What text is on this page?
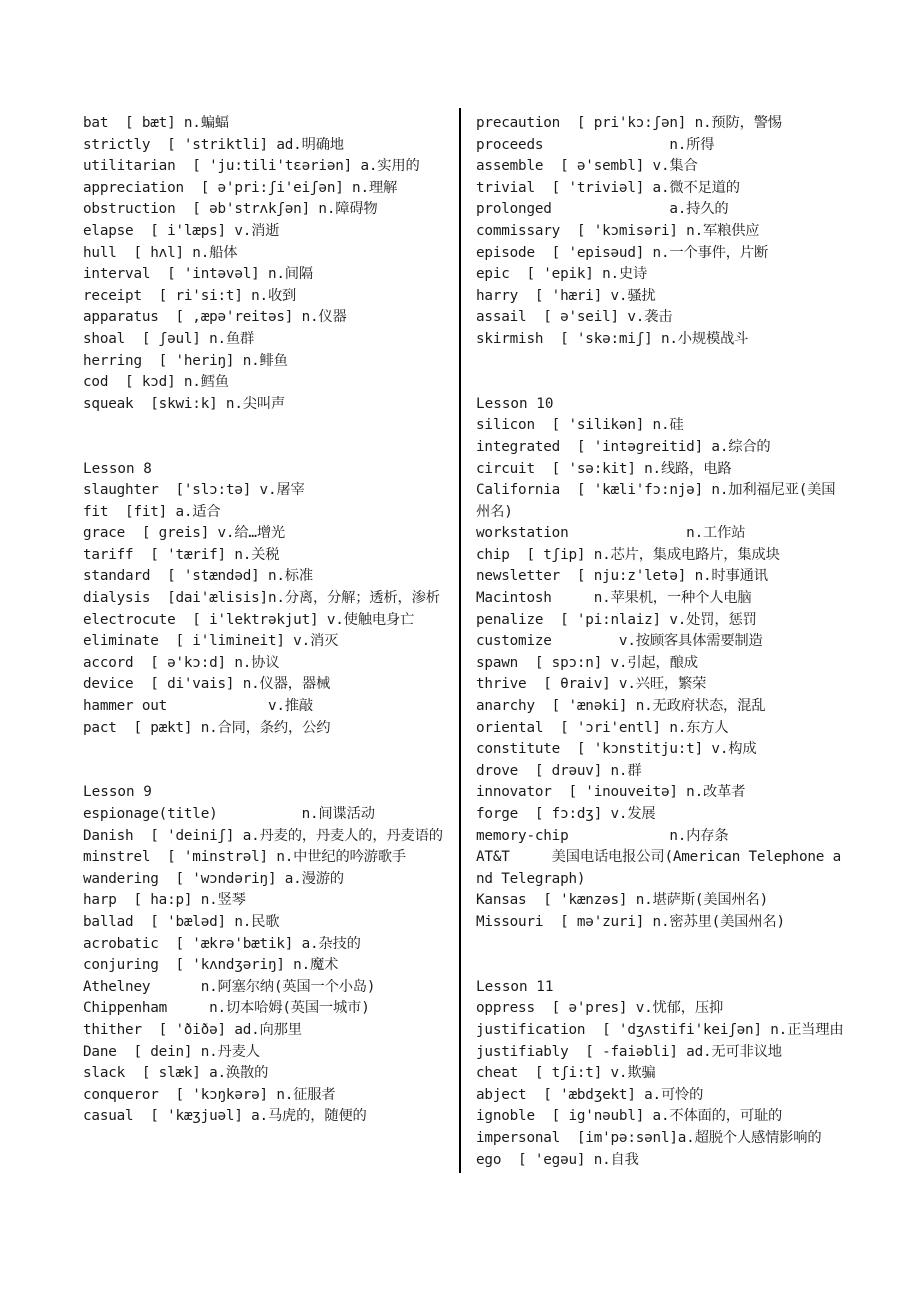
bat  [ bæt] n.蝙蝠

strictly  [ 'striktli] ad.明确地

utilitarian  [ 'ju:tili'tɛəriən] a.实用的

appreciation  [ ə'pri:ʃi'eiʃən] n.理解

obstruction  [ əb'strʌkʃən] n.障碍物

elapse  [ i'læps] v.消逝

hull  [ hʌl] n.船体

interval  [ 'intəvəl] n.间隔

receipt  [ ri'si:t] n.收到

apparatus  [ ,æpə'reitəs] n.仪器

shoal  [ ʃəul] n.鱼群

herring  [ 'heriŋ] n.鲱鱼

cod  [ kɔd] n.鳕鱼

squeak  [skwi:k] n.尖叫声

Lesson 8

slaughter  ['slɔ:tə] v.屠宰

fit  [fit] a.适合

grace  [ greis] v.给…增光

tariff  [ 'tærif] n.关税

standard  [ 'stændəd] n.标准

dialysis  [dai'ælisis]n.分离，分解；透析，渗析

electrocute  [ i'lektrəkjut] v.使触电身亡

eliminate  [ i'limineit] v.消灭

accord  [ ə'kɔ:d] n.协议

device  [ di'vais] n.仪器，器械

hammer out            v.推敲

pact  [ pækt] n.合同，条约，公约

Lesson 9

espionage(title)          n.间谍活动

Danish  [ 'deiniʃ] a.丹麦的，丹麦人的，丹麦语的

minstrel  [ 'minstrəl] n.中世纪的吟游歌手

wandering  [ 'wɔndəriŋ] a.漫游的

harp  [ ha:p] n.竖琴

ballad  [ 'bæləd] n.民歌

acrobatic  [ 'ækrə'bætik] a.杂技的

conjuring  [ 'kʌndʒəriŋ] n.魔术

Athelney      n.阿塞尔纳(英国一个小岛)

Chippenham     n.切本哈姆(英国一城市)

thither  [ 'ðiðə] ad.向那里

Dane  [ dein] n.丹麦人

slack  [ slæk] a.涣散的

conqueror  [ 'kɔŋkərə] n.征服者

casual  [ 'kæʒjuəl] a.马虎的，随便的

precaution  [ pri'kɔ:ʃən] n.预防，警惕

proceeds               n.所得

assemble  [ ə'sembl] v.集合

trivial  [ 'triviəl] a.微不足道的

prolonged              a.持久的

commissary  [ 'kɔmisəri] n.军粮供应

episode  [ 'episəud] n.一个事件，片断

epic  [ 'epik] n.史诗

harry  [ 'hæri] v.骚扰

assail  [ ə'seil] v.袭击

skirmish  [ 'skə:miʃ] n.小规模战斗

Lesson 10

silicon  [ 'silikən] n.硅

integrated  [ 'intəgreitid] a.综合的

circuit  [ 'sə:kit] n.线路，电路

California  [ 'kæli'fɔ:njə] n.加利福尼亚(美国州名)

workstation              n.工作站

chip  [ tʃip] n.芯片，集成电路片，集成块

newsletter  [ nju:z'letə] n.时事通讯

Macintosh     n.苹果机，一种个人电脑

penalize  [ 'pi:nlaiz] v.处罚，惩罚

customize        v.按顾客具体需要制造

spawn  [ spɔ:n] v.引起，酿成

thrive  [ θraiv] v.兴旺，繁荣

anarchy  [ 'ænəki] n.无政府状态，混乱

oriental  [ 'ɔri'entl] n.东方人

constitute  [ 'kɔnstitju:t] v.构成

drove  [ drəuv] n.群

innovator  [ 'inouveitə] n.改革者

forge  [ fɔ:dʒ] v.发展

memory-chip            n.内存条

AT&T     美国电话电报公司(American Telephone and Telegraph)

Kansas  [ 'kænzəs] n.堪萨斯(美国州名)

Missouri  [ mə'zuri] n.密苏里(美国州名)

Lesson 11

oppress  [ ə'pres] v.忧郁，压抑

justification  [ 'dʒʌstifi'keiʃən] n.正当理由

justifiably  [ -faiəbli] ad.无可非议地

cheat  [ tʃi:t] v.欺骗

abject  [ 'æbdʒekt] a.可怜的

ignoble  [ ig'nəubl] a.不体面的，可耻的

impersonal  [im'pə:sənl]a.超脱个人感情影响的

ego  [ 'egəu] n.自我
